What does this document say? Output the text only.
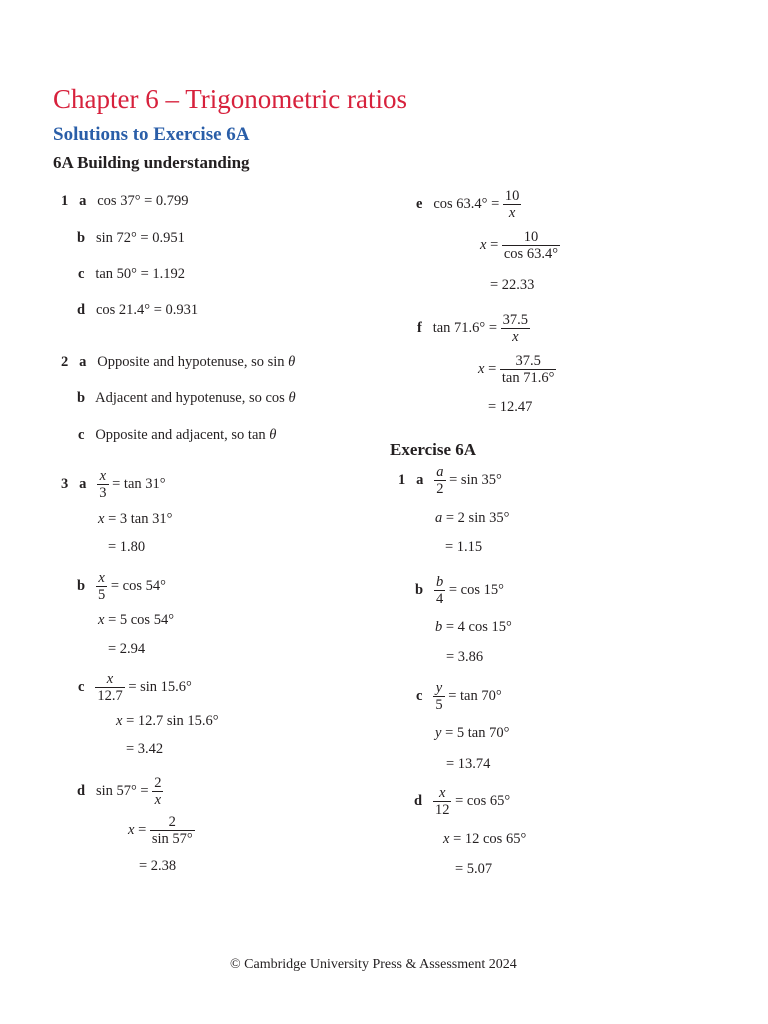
Chapter 6 – Trigonometric ratios
Solutions to Exercise 6A
6A Building understanding
1 a cos 37° = 0.799
b sin 72° = 0.951
c tan 50° = 1.192
d cos 21.4° = 0.931
2 a Opposite and hypotenuse, so sin θ
b Adjacent and hypotenuse, so cos θ
c Opposite and adjacent, so tan θ
3 a $\frac{x}{3} = \tan 31^\circ$
x = 3 tan 31°
= 1.80
b $\frac{x}{5} = \cos 54^\circ$
x = 5 cos 54°
= 2.94
c $\frac{x}{12.7} = \sin 15.6^\circ$
x = 12.7 sin 15.6°
= 3.42
d $\sin 57^\circ = \frac{2}{x}$
$x = \frac{2}{\sin 57^\circ}$
= 2.38
e $\cos 63.4^\circ = \frac{10}{x}$
$x = \frac{10}{\cos 63.4^\circ}$
= 22.33
f $\tan 71.6^\circ = \frac{37.5}{x}$
$x = \frac{37.5}{\tan 71.6^\circ}$
= 12.47
Exercise 6A
1 a $\frac{a}{2} = \sin 35^\circ$
a = 2 sin 35°
= 1.15
b $\frac{b}{4} = \cos 15^\circ$
b = 4 cos 15°
= 3.86
c $\frac{y}{5} = \tan 70^\circ$
y = 5 tan 70°
= 13.74
d $\frac{x}{12} = \cos 65^\circ$
x = 12 cos 65°
= 5.07
© Cambridge University Press & Assessment 2024
